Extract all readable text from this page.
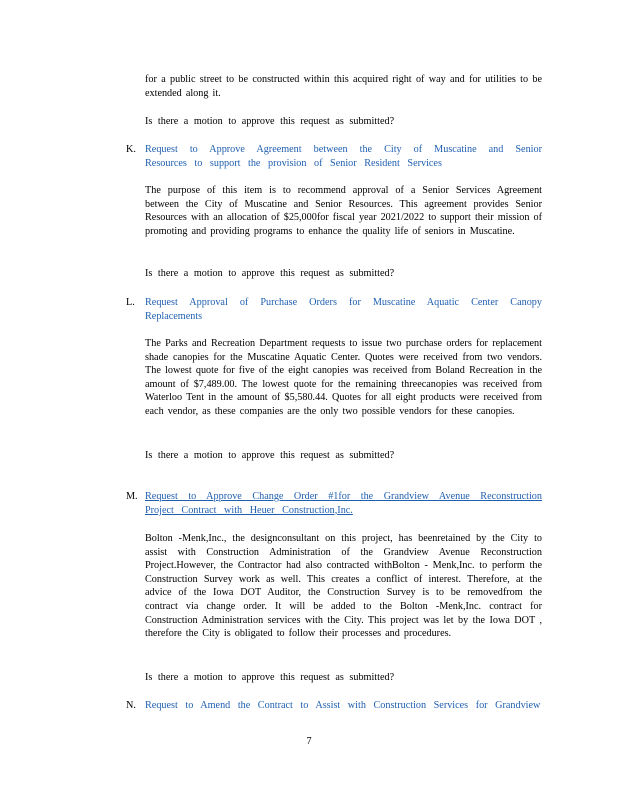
for a public street to be constructed within this acquired right of way and for utilities to be extended along it.

Is there a motion to approve this request as submitted?

K. Request to Approve Agreement between the City of Muscatine and Senior Resources to support the provision of Senior Resident Services

The purpose of this item is to recommend approval of a Senior Services Agreement between the City of Muscatine and Senior Resources. This agreement provides Senior Resources with an allocation of $25,000for fiscal year 2021/2022 to support their mission of promoting and providing programs to enhance the quality life of seniors in Muscatine.

Is there a motion to approve this request as submitted?

L. Request Approval of Purchase Orders for Muscatine Aquatic Center Canopy Replacements

The Parks and Recreation Department requests to issue two purchase orders for replacement shade canopies for the Muscatine Aquatic Center. Quotes were received from two vendors. The lowest quote for five of the eight canopies was received from Boland Recreation in the amount of $7,489.00. The lowest quote for the remaining threecanopies was received from Waterloo Tent in the amount of $5,580.44. Quotes for all eight products were received from each vendor, as these companies are the only two possible vendors for these canopies.

Is there a motion to approve this request as submitted?

M. Request to Approve Change Order #1for the Grandview Avenue Reconstruction Project Contract with Heuer Construction,Inc.

Bolton -Menk,Inc., the designconsultant on this project, has beenretained by the City to assist with Construction Administration of the Grandview Avenue Reconstruction Project.However, the Contractor had also contracted withBolton - Menk,Inc. to perform the Construction Survey work as well. This creates a conflict of interest. Therefore, at the advice of the Iowa DOT Auditor, the Construction Survey is to be removedfrom the contract via change order. It will be added to the Bolton -Menk,Inc. contract for Construction Administration services with the City. This project was let by the Iowa DOT , therefore the City is obligated to follow their processes and procedures.

Is there a motion to approve this request as submitted?

N. Request to Amend the Contract to Assist with Construction Services for Grandview
7
